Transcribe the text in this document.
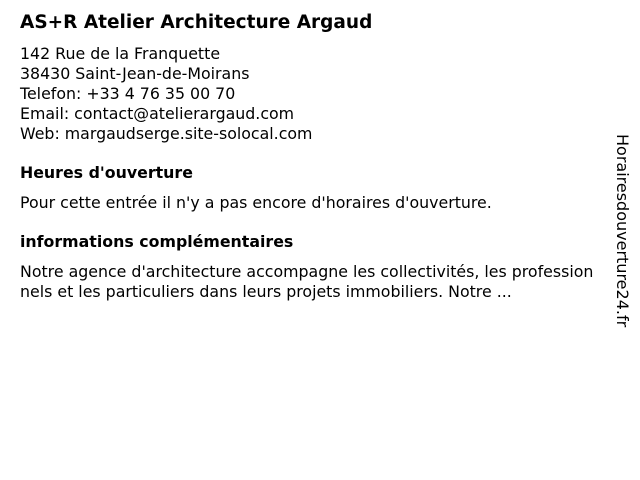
AS+R Atelier Architecture Argaud
142 Rue de la Franquette
38430 Saint-Jean-de-Moirans
Telefon: +33 4 76 35 00 70
Email: contact@atelierargaud.com
Web: margaudserge.site-solocal.com
Heures d'ouverture
Pour cette entrée il n'y a pas encore d'horaires d'ouverture.
informations complémentaires
Notre agence d'architecture accompagne les collectivités, les professionnels et les particuliers dans leurs projets immobiliers. Notre ...	Horairesdouverture24.fr
